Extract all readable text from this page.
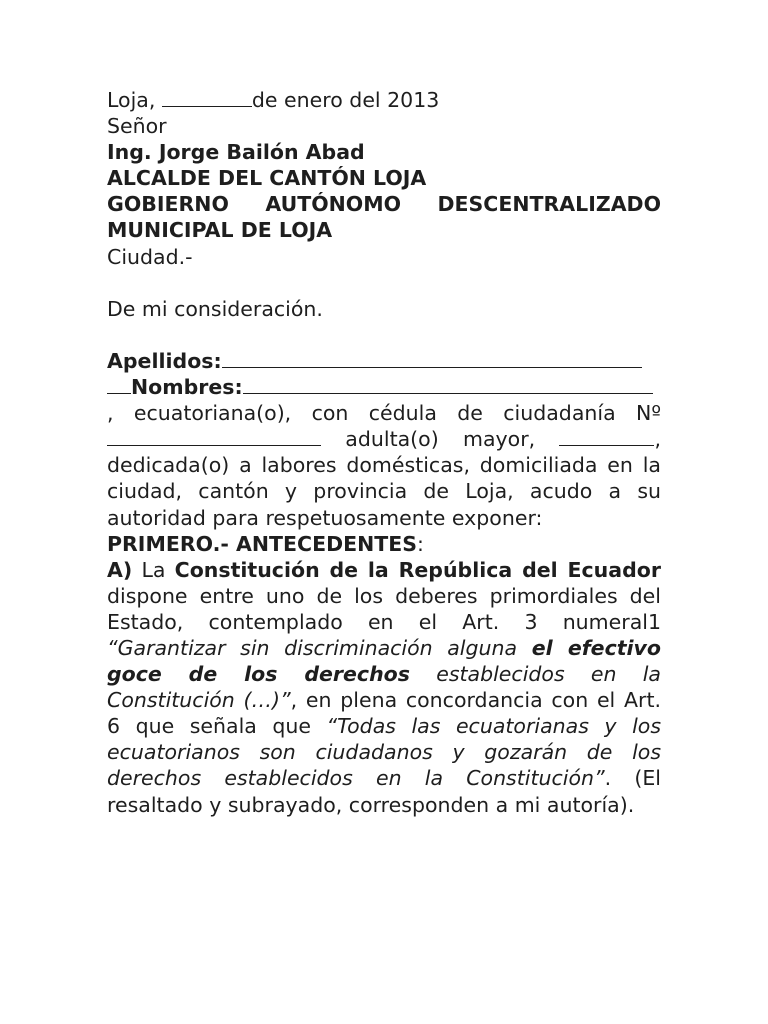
Loja,	de enero del 2013
Señor
Ing. Jorge Bailón Abad
ALCALDE DEL CANTÓN LOJA
GOBIERNO AUTÓNOMO DESCENTRALIZADO
MUNICIPAL DE LOJA
Ciudad.-
De mi consideración.
Apellidos:
Nombres:

, ecuatoriana(o), con cédula de ciudadanía Nº  adulta(o) mayor,	, dedicada(o) a labores domésticas, domiciliada en la ciudad, cantón y provincia de Loja, acudo a su autoridad para respetuosamente exponer:

PRIMERO.- ANTECEDENTES:

A) La Constitución de la República del Ecuador dispone entre uno de los deberes primordiales del Estado, contemplado en el Art. 3 numeral1 “Garantizar sin discriminación alguna el efectivo goce de los derechos establecidos en la Constitución (…)”, en plena concordancia con el Art. 6 que señala que “Todas las ecuatorianas y los ecuatorianos son ciudadanos y gozarán de los derechos establecidos en la Constitución”. (El resaltado y subrayado, corresponden a mi autoría).
